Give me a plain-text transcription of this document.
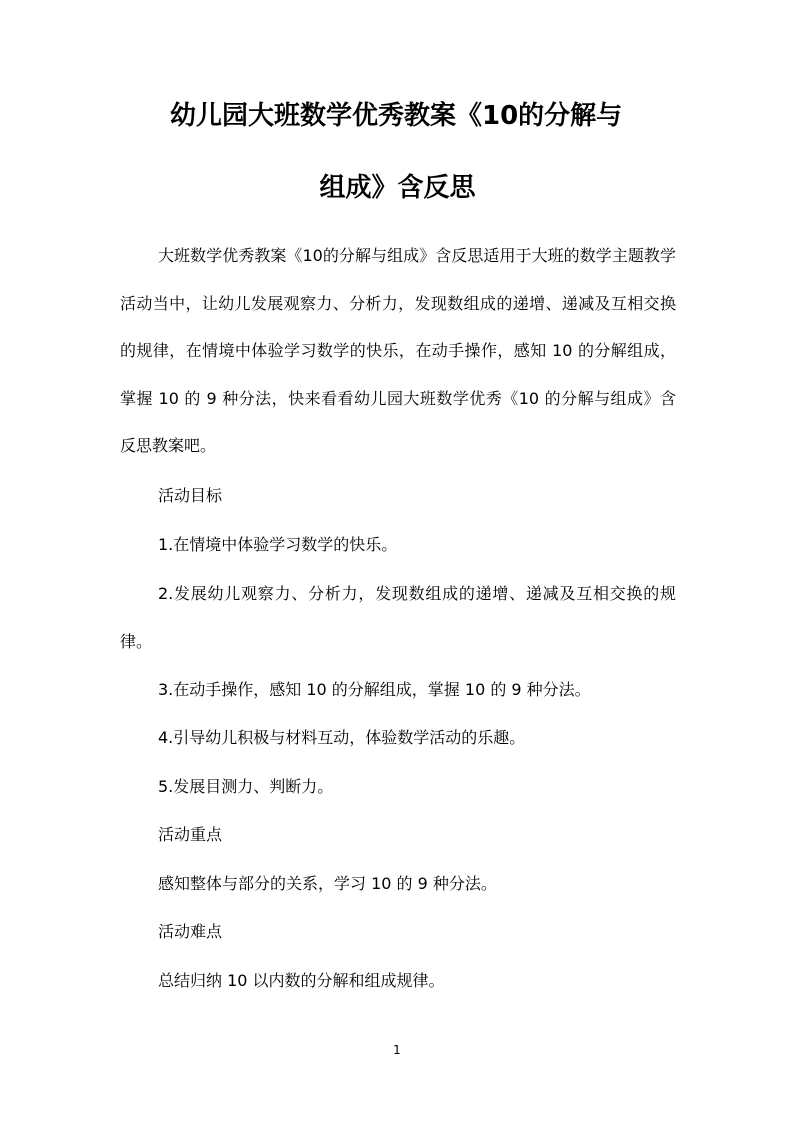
幼儿园大班数学优秀教案《10的分解与
组成》含反思

大班数学优秀教案《10的分解与组成》含反思适用于大班的数学主题教学活动当中，让幼儿发展观察力、分析力，发现数组成的递增、递减及互相交换的规律，在情境中体验学习数学的快乐，在动手操作，感知 10 的分解组成，掌握 10 的 9 种分法，快来看看幼儿园大班数学优秀《10 的分解与组成》含反思教案吧。

活动目标

1.在情境中体验学习数学的快乐。

2.发展幼儿观察力、分析力，发现数组成的递增、递减及互相交换的规律。

3.在动手操作，感知 10 的分解组成，掌握 10 的 9 种分法。

4.引导幼儿积极与材料互动，体验数学活动的乐趣。

5.发展目测力、判断力。

活动重点

感知整体与部分的关系，学习 10 的 9 种分法。

活动难点

总结归纳 10 以内数的分解和组成规律。

1
